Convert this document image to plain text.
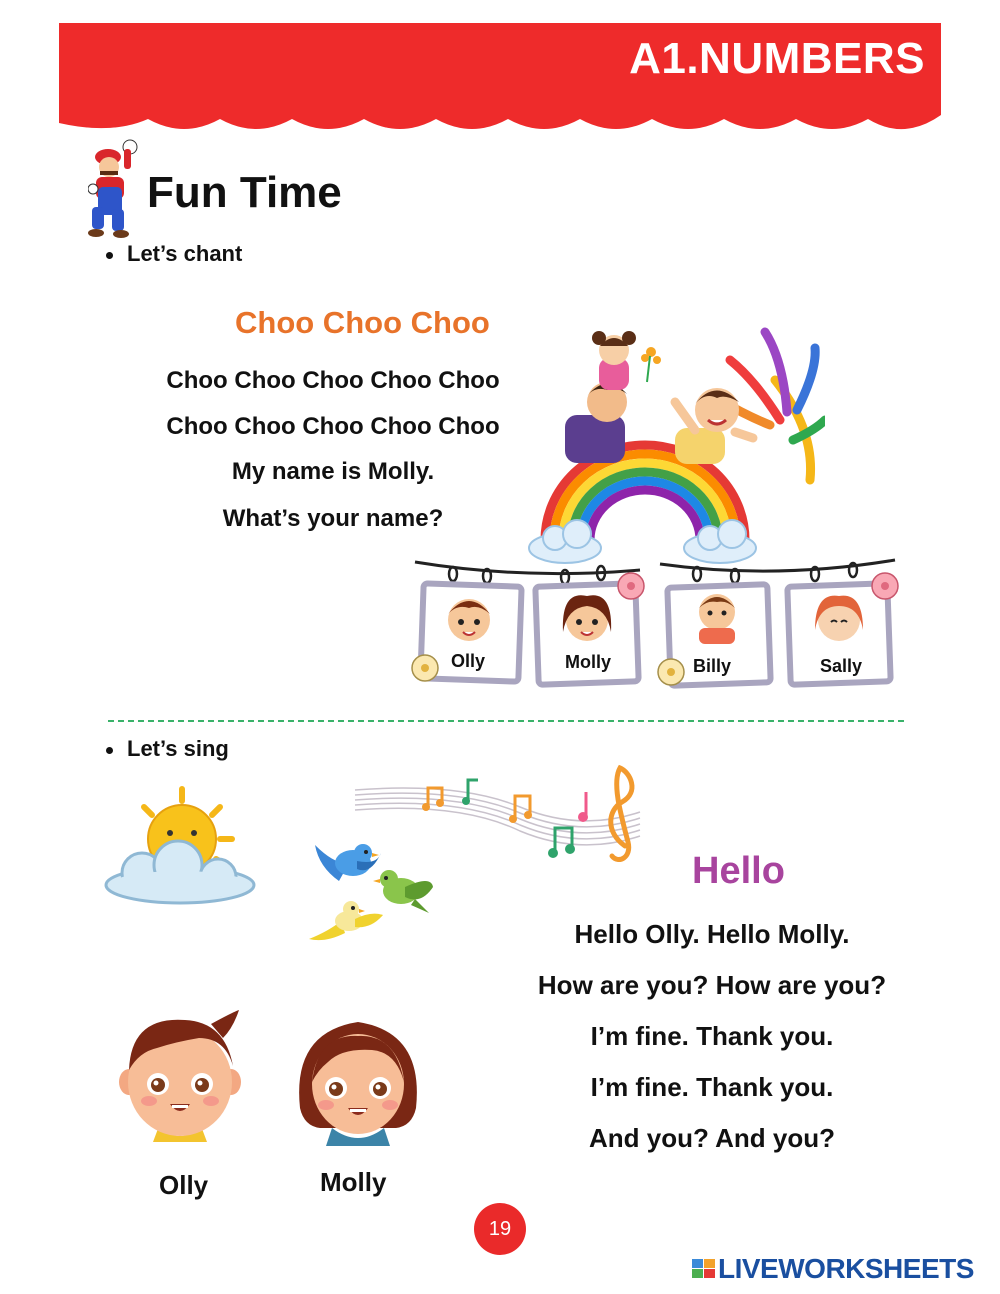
A1.NUMBERS
Fun Time
Let’s chant
Choo Choo Choo
Choo Choo Choo Choo Choo
Choo Choo Choo Choo Choo
My name is Molly.
What’s your name?
Olly	Molly	Billy	Sally
Let’s sing
Hello
Hello Olly. Hello Molly.
How are you? How are you?
I’m fine. Thank you.
I’m fine. Thank you.
And you? And you?
Olly	Molly
19
LIVEWORKSHEETS
